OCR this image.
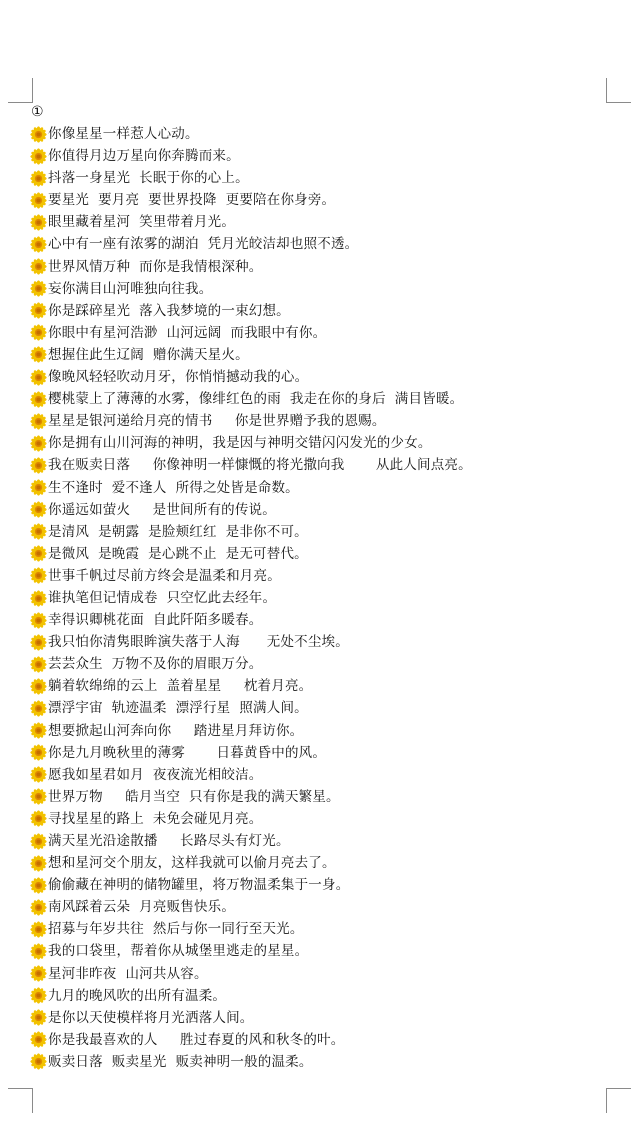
①
你像星星一样惹人心动。
你值得月边万星向你奔腾而来。
抖落一身星光  长眠于你的心上。
要星光  要月亮  要世界投降  更要陪在你身旁。
眼里藏着星河  笑里带着月光。
心中有一座有浓雾的湖泊  凭月光皎洁却也照不透。
世界风情万种  而你是我情根深种。
妄你满目山河唯独向往我。
你是踩碎星光  落入我梦境的一束幻想。
你眼中有星河浩渺  山河远阔  而我眼中有你。
想握住此生辽阔  赠你满天星火。
像晚风轻轻吹动月牙，你悄悄撼动我的心。
樱桃蒙上了薄薄的水雾，像绯红色的雨  我走在你的身后  满目皆暖。
星星是银河递给月亮的情书     你是世界赠予我的恩赐。
你是拥有山川河海的神明，我是因与神明交错闪闪发光的少女。
我在贩卖日落     你像神明一样慷慨的将光撒向我       从此人间点亮。
生不逢时  爱不逢人  所得之处皆是命数。
你遥远如萤火     是世间所有的传说。
是清风  是朝露  是脸颊红红  是非你不可。
是微风  是晚霞  是心跳不止  是无可替代。
世事千帆过尽前方终会是温柔和月亮。
谁执笔但记情成卷  只空忆此去经年。
幸得识卿桃花面  自此阡陌多暖春。
我只怕你清隽眼眸演失落于人海      无处不尘埃。
芸芸众生  万物不及你的眉眼万分。
躺着软绵绵的云上  盖着星星     枕着月亮。
漂浮宇宙  轨迹温柔  漂浮行星  照满人间。
想要掀起山河奔向你     踏进星月拜访你。
你是九月晚秋里的薄雾       日暮黄昏中的风。
愿我如星君如月  夜夜流光相皎洁。
世界万物     皓月当空  只有你是我的满天繁星。
寻找星星的路上  未免会碰见月亮。
满天星光沿途散播     长路尽头有灯光。
想和星河交个朋友，这样我就可以偷月亮去了。
偷偷藏在神明的储物罐里，将万物温柔集于一身。
南风踩着云朵  月亮贩售快乐。
招募与年岁共往  然后与你一同行至天光。
我的口袋里，帮着你从城堡里逃走的星星。
星河非昨夜  山河共从容。
九月的晚风吹的出所有温柔。
是你以天使模样将月光洒落人间。
你是我最喜欢的人     胜过春夏的风和秋冬的叶。
贩卖日落  贩卖星光  贩卖神明一般的温柔。
